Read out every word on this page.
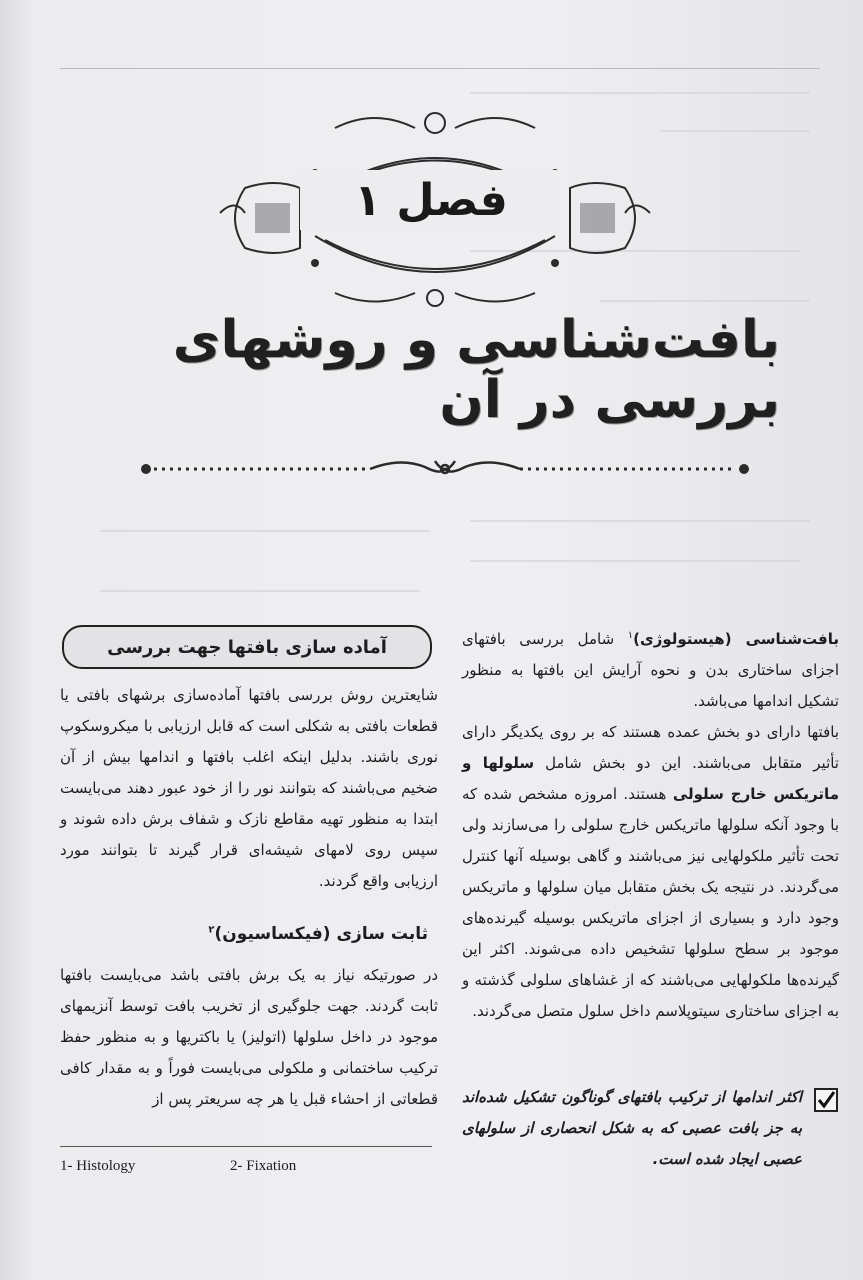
فصل ۱
بافت‌شناسی و روشهای بررسی در آن

بافت‌شناسی (هیستولوژی)$^۱$ شامل بررسی بافتهای اجزای ساختاری بدن و نحوه آرایش این بافتها به منظور تشکیل اندامها می‌باشد.

بافتها دارای دو بخش عمده هستند که بر روی یکدیگر دارای تأثیر متقابل می‌باشند. این دو بخش شامل سلولها و ماتریکس خارج سلولی هستند. امروزه مشخص شده که با وجود آنکه سلولها ماتریکس خارج سلولی را می‌سازند ولی تحت تأثیر ملکولهایی نیز می‌باشند و گاهی بوسیله آنها کنترل می‌گردند. در نتیجه یک بخش متقابل میان سلولها و ماتریکس وجود دارد و بسیاری از اجزای ماتریکس بوسیله گیرنده‌های موجود بر سطح سلولها تشخیص داده می‌شوند. اکثر این گیرنده‌ها ملکولهایی می‌باشند که از غشاهای سلولی گذشته و به اجزای ساختاری سیتوپلاسم داخل سلول متصل می‌گردند.

اکثر اندامها از ترکیب بافتهای گوناگون تشکیل شده‌اند به جز بافت عصبی که به شکل انحصاری از سلولهای عصبی ایجاد شده است.
آماده سازی بافتها جهت بررسی

شایعترین روش بررسی بافتها آماده‌سازی برشهای بافتی یا قطعات بافتی به شکلی است که قابل ارزیابی با میکروسکوپ نوری باشند. بدلیل اینکه اغلب بافتها و اندامها بیش از آن ضخیم می‌باشند که بتوانند نور را از خود عبور دهند می‌بایست ابتدا به منظور تهیه مقاطع نازک و شفاف برش داده شوند و سپس روی لامهای شیشه‌ای قرار گیرند تا بتوانند مورد ارزیابی واقع گردند.

ثابت سازی (فیکساسیون)$^۲$
در صورتیکه نیاز به یک برش بافتی باشد می‌بایست بافتها ثابت گردند. جهت جلوگیری از تخریب بافت توسط آنزیمهای موجود در داخل سلولها (اتولیز) یا باکتریها و به منظور حفظ ترکیب ساختمانی و ملکولی می‌بایست فوراً و به مقدار کافی قطعاتی از احشاء قبل یا هر چه سریعتر پس از
1- Histology	2- Fixation
